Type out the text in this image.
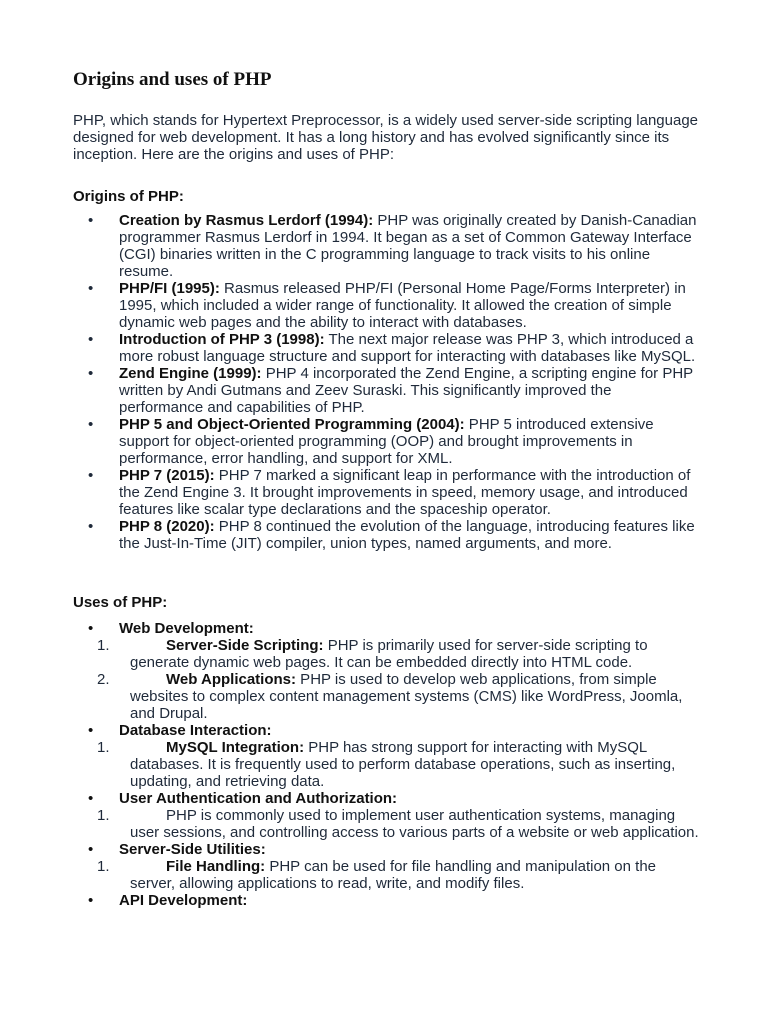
Origins and uses of PHP

PHP, which stands for Hypertext Preprocessor, is a widely used server-side scripting language designed for web development. It has a long history and has evolved significantly since its inception. Here are the origins and uses of PHP:

Origins of PHP:
• Creation by Rasmus Lerdorf (1994): PHP was originally created by Danish-Canadian programmer Rasmus Lerdorf in 1994. It began as a set of Common Gateway Interface (CGI) binaries written in the C programming language to track visits to his online resume.
• PHP/FI (1995): Rasmus released PHP/FI (Personal Home Page/Forms Interpreter) in 1995, which included a wider range of functionality. It allowed the creation of simple dynamic web pages and the ability to interact with databases.
• Introduction of PHP 3 (1998): The next major release was PHP 3, which introduced a more robust language structure and support for interacting with databases like MySQL.
• Zend Engine (1999): PHP 4 incorporated the Zend Engine, a scripting engine for PHP written by Andi Gutmans and Zeev Suraski. This significantly improved the performance and capabilities of PHP.
• PHP 5 and Object-Oriented Programming (2004): PHP 5 introduced extensive support for object-oriented programming (OOP) and brought improvements in performance, error handling, and support for XML.
• PHP 7 (2015): PHP 7 marked a significant leap in performance with the introduction of the Zend Engine 3. It brought improvements in speed, memory usage, and introduced features like scalar type declarations and the spaceship operator.
• PHP 8 (2020): PHP 8 continued the evolution of the language, introducing features like the Just-In-Time (JIT) compiler, union types, named arguments, and more.
Uses of PHP:
• Web Development:
1.	Server-Side Scripting: PHP is primarily used for server-side scripting to generate dynamic web pages. It can be embedded directly into HTML code.
2.	Web Applications: PHP is used to develop web applications, from simple websites to complex content management systems (CMS) like WordPress, Joomla, and Drupal.
• Database Interaction:
1.	MySQL Integration: PHP has strong support for interacting with MySQL databases. It is frequently used to perform database operations, such as inserting, updating, and retrieving data.
• User Authentication and Authorization:
1.	PHP is commonly used to implement user authentication systems, managing user sessions, and controlling access to various parts of a website or web application.
• Server-Side Utilities:
1.	File Handling: PHP can be used for file handling and manipulation on the server, allowing applications to read, write, and modify files.
• API Development:
